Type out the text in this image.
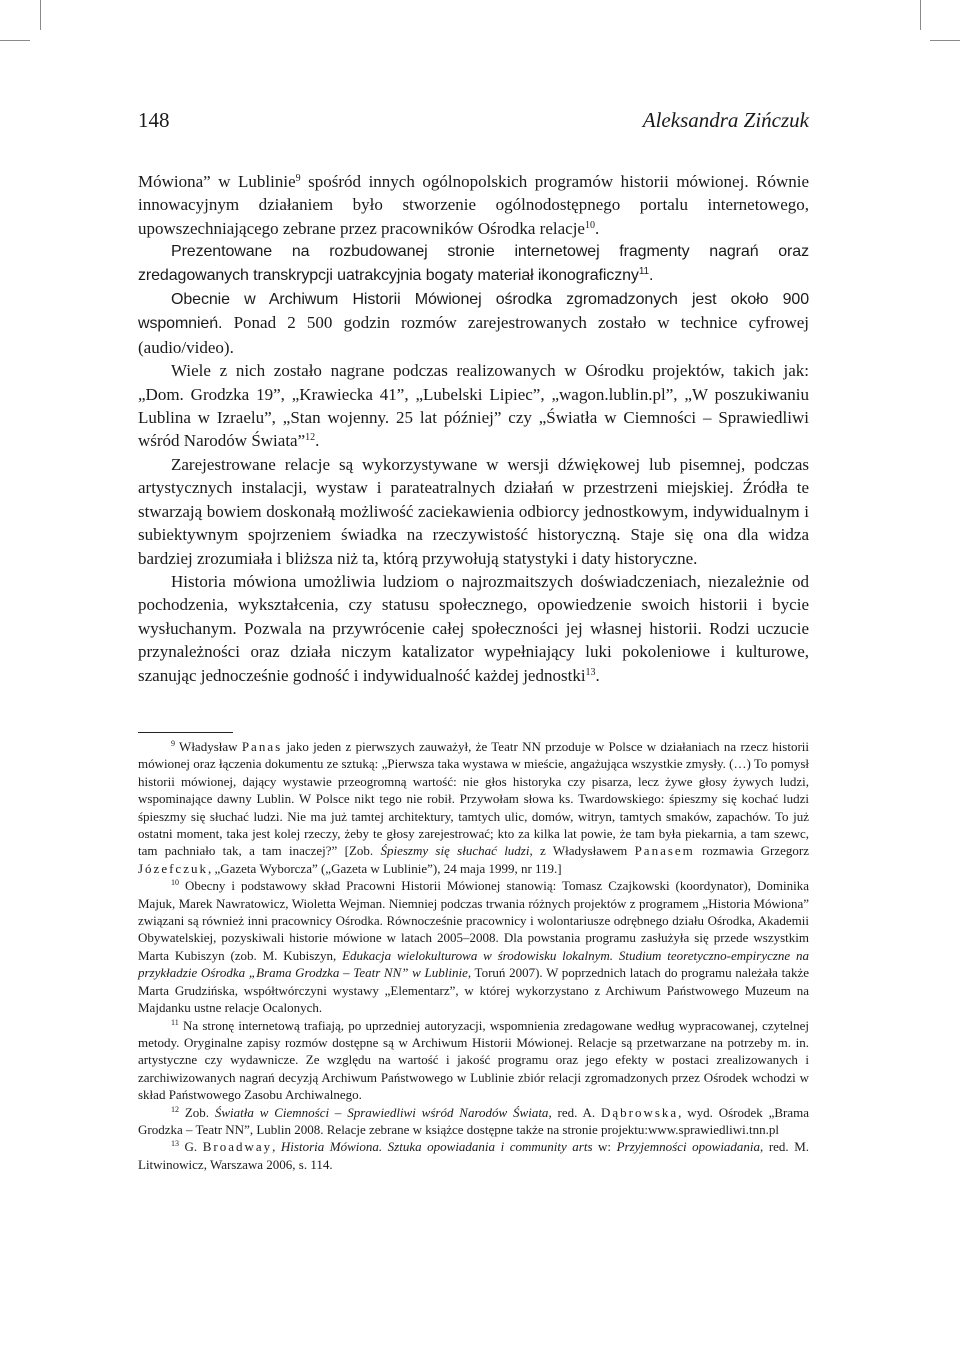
148	Aleksandra Zińczuk

Mówiona” w Lublinie$^9$ spośród innych ogólnopolskich programów historii mówionej. Równie innowacyjnym działaniem było stworzenie ogólnodostępnego portalu internetowego, upowszechniającego zebrane przez pracowników Ośrodka relacje$^{10}$.

Prezentowane na rozbudowanej stronie internetowej fragmenty nagrań oraz zredagowanych transkrypcji uatrakcyjnia bogaty materiał ikonograficzny$^{11}$.

Obecnie w Archiwum Historii Mówionej ośrodka zgromadzonych jest około 900 wspomnień. Ponad 2 500 godzin rozmów zarejestrowanych zostało w technice cyfrowej (audio/video).

Wiele z nich zostało nagrane podczas realizowanych w Ośrodku projektów, takich jak: „Dom. Grodzka 19”, „Krawiecka 41”, „Lubelski Lipiec”, „wagon.lublin.pl”, „W poszukiwaniu Lublina w Izraelu”, „Stan wojenny. 25 lat później” czy „Światła w Ciemności – Sprawiedliwi wśród Narodów Świata”$^{12}$.

Zarejestrowane relacje są wykorzystywane w wersji dźwiękowej lub pisemnej, podczas artystycznych instalacji, wystaw i parateatralnych działań w przestrzeni miejskiej. Źródła te stwarzają bowiem doskonałą możliwość zaciekawienia odbiorcy jednostkowym, indywidualnym i subiektywnym spojrzeniem świadka na rzeczywistość historyczną. Staje się ona dla widza bardziej zrozumiała i bliższa niż ta, którą przywołują statystyki i daty historyczne.

Historia mówiona umożliwia ludziom o najrozmaitszych doświadczeniach, niezależnie od pochodzenia, wykształcenia, czy statusu społecznego, opowiedzenie swoich historii i bycie wysłuchanym. Pozwala na przywrócenie całej społeczności jej własnej historii. Rodzi uczucie przynależności oraz działa niczym katalizator wypełniający luki pokoleniowe i kulturowe, szanując jednocześnie godność i indywidualność każdej jednostki$^{13}$.

$^9$ Władysław Panas jako jeden z pierwszych zauważył, że Teatr NN przoduje w Polsce w działaniach na rzecz historii mówionej oraz łączenia dokumentu ze sztuką: „Pierwsza taka wystawa w mieście, angażująca wszystkie zmysły. (…) To pomysł historii mówionej, dający wystawie przeogromną wartość: nie głos historyka czy pisarza, lecz żywe głosy żywych ludzi, wspominające dawny Lublin. W Polsce nikt tego nie robił. Przywołam słowa ks. Twardowskiego: śpieszmy się kochać ludzi śpieszmy się słuchać ludzi. Nie ma już tamtej architektury, tamtych ulic, domów, witryn, tamtych smaków, zapachów. To już ostatni moment, taka jest kolej rzeczy, żeby te głosy zarejestrować; kto za kilka lat powie, że tam była piekarnia, a tam szewc, tam pachniało tak, a tam inaczej?” [Zob. Śpieszmy się słuchać ludzi, z Władysławem Panasem rozmawia Grzegorz Józefczuk, „Gazeta Wyborcza” („Gazeta w Lublinie”), 24 maja 1999, nr 119.]

$^{10}$ Obecny i podstawowy skład Pracowni Historii Mówionej stanowią: Tomasz Czajkowski (koordynator), Dominika Majuk, Marek Nawratowicz, Wioletta Wejman. Niemniej podczas trwania różnych projektów z programem „Historia Mówiona” związani są również inni pracownicy Ośrodka. Równocześnie pracownicy i wolontariusze odrębnego działu Ośrodka, Akademii Obywatelskiej, pozyskiwali historie mówione w latach 2005–2008. Dla powstania programu zasłużyła się przede wszystkim Marta Kubiszyn (zob. M. Kubiszyn, Edukacja wielokulturowa w środowisku lokalnym. Studium teoretyczno-empiryczne na przykładzie Ośrodka „Brama Grodzka – Teatr NN” w Lublinie, Toruń 2007). W poprzednich latach do programu należała także Marta Grudzińska, współtwórczyni wystawy „Elementarz”, w której wykorzystano z Archiwum Państwowego Muzeum na Majdanku ustne relacje Ocalonych.

$^{11}$ Na stronę internetową trafiają, po uprzedniej autoryzacji, wspomnienia zredagowane według wypracowanej, czytelnej metody. Oryginalne zapisy rozmów dostępne są w Archiwum Historii Mówionej. Relacje są przetwarzane na potrzeby m. in. artystyczne czy wydawnicze. Ze względu na wartość i jakość programu oraz jego efekty w postaci zrealizowanych i zarchiwizowanych nagrań decyzją Archiwum Państwowego w Lublinie zbiór relacji zgromadzonych przez Ośrodek wchodzi w skład Państwowego Zasobu Archiwalnego.

$^{12}$ Zob. Światła w Ciemności – Sprawiedliwi wśród Narodów Świata, red. A. Dąbrowska, wyd. Ośrodek „Brama Grodzka – Teatr NN”, Lublin 2008. Relacje zebrane w książce dostępne także na stronie projektu:www.sprawiedliwi.tnn.pl

$^{13}$ G. Broadway, Historia Mówiona. Sztuka opowiadania i community arts w: Przyjemności opowiadania, red. M. Litwinowicz, Warszawa 2006, s. 114.
